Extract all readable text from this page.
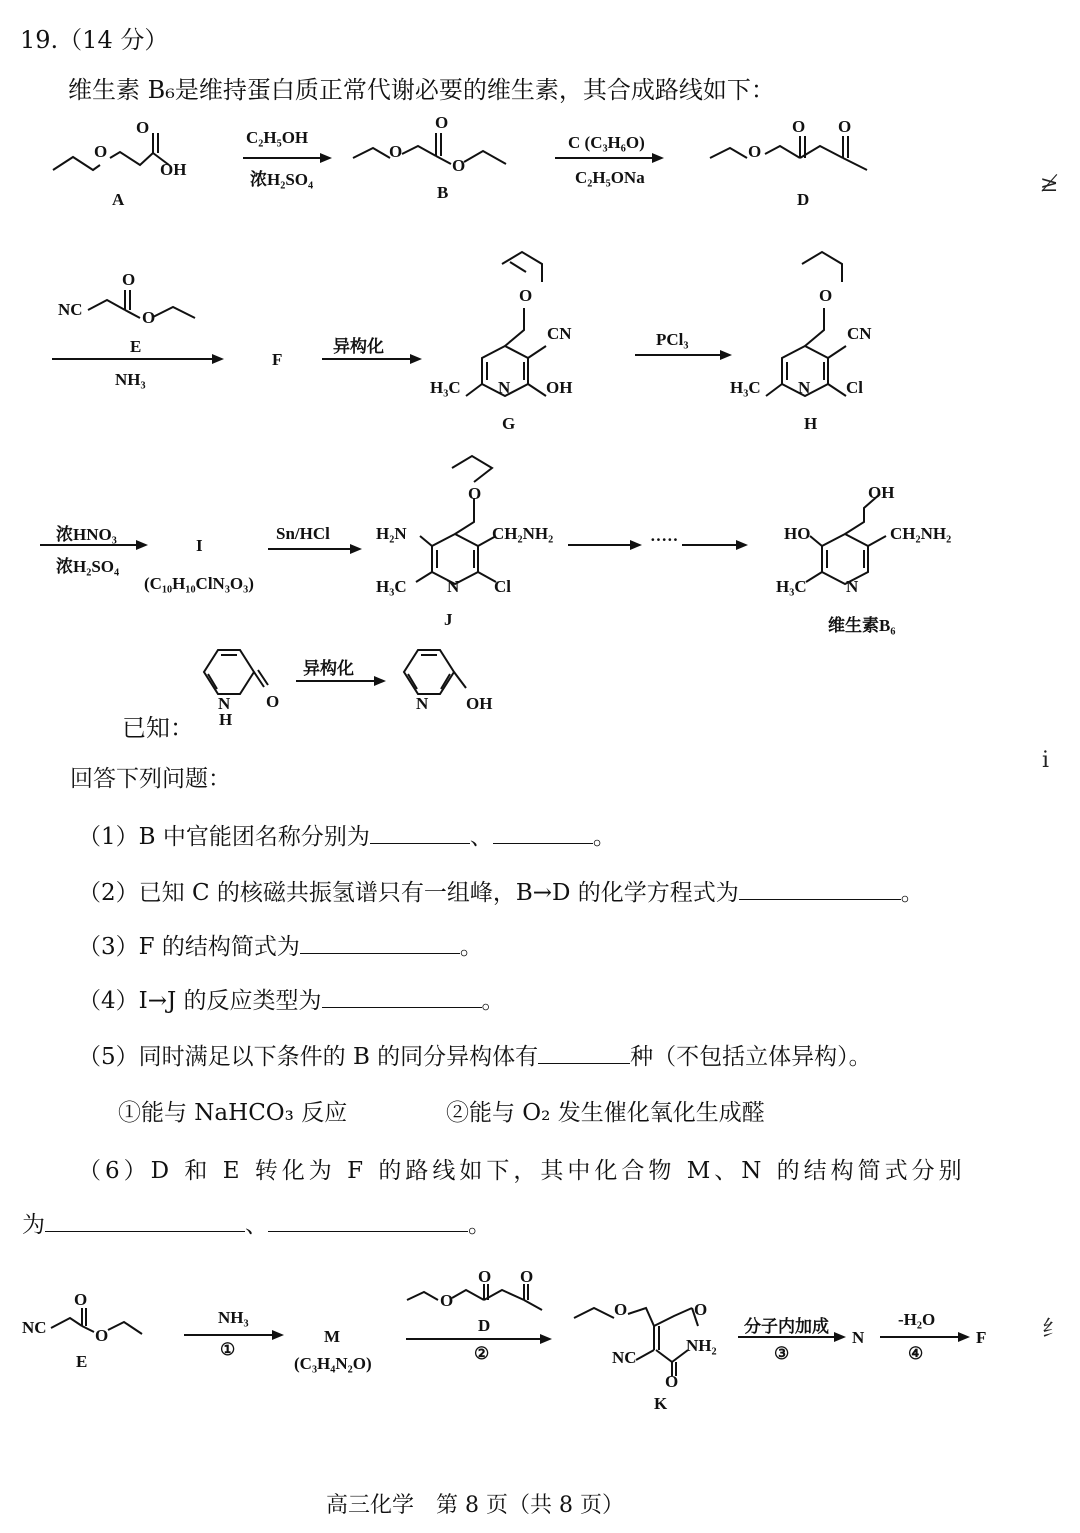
19.（14 分）
维生素 B₆是维持蛋白质正常代谢必要的维生素，其合成路线如下：
O
O
OH
A
C₂H₅OH
浓H₂SO₄
O
O
O
B
C (C₃H₆O)
C₂H₅ONa
O
O O
D
≱
NC
O
O
E
NH₃
F
异构化
O
CN
H₃C N OH
G
PCl₃
O
CN
H₃C N Cl
H
浓HNO₃
浓H₂SO₄
I
(C₁₀H₁₀ClN₃O₃)
Sn/HCl
O
H₂N	CH₂NH₂
H₃C N Cl
J
·····
OH
HO	CH₂NH₂
H₃C N
维生素B₆
已知：
N
H
O
异构化
N OH
i
回答下列问题：
（1）B 中官能团名称分别为	、	。
（2）已知 C 的核磁共振氢谱只有一组峰，B→D 的化学方程式为	。
（3）F 的结构简式为	。
（4）I→J 的反应类型为	。
（5）同时满足以下条件的 B 的同分异构体有	种（不包括立体异构）。
①能与 NaHCO₃ 反应	②能与 O₂ 发生催化氧化生成醛
（6）D 和 E 转化为 F 的路线如下，其中化合物 M、N 的结构简式分别
为	、	。
NC
O
O
E
NH₃
①
M
(C₃H₄N₂O)
O
O O
D
②
O	O
NH₂
NC
O
K
分子内加成
③
N
-H₂O
④
F	纟
高三化学　第 8 页（共 8 页）
